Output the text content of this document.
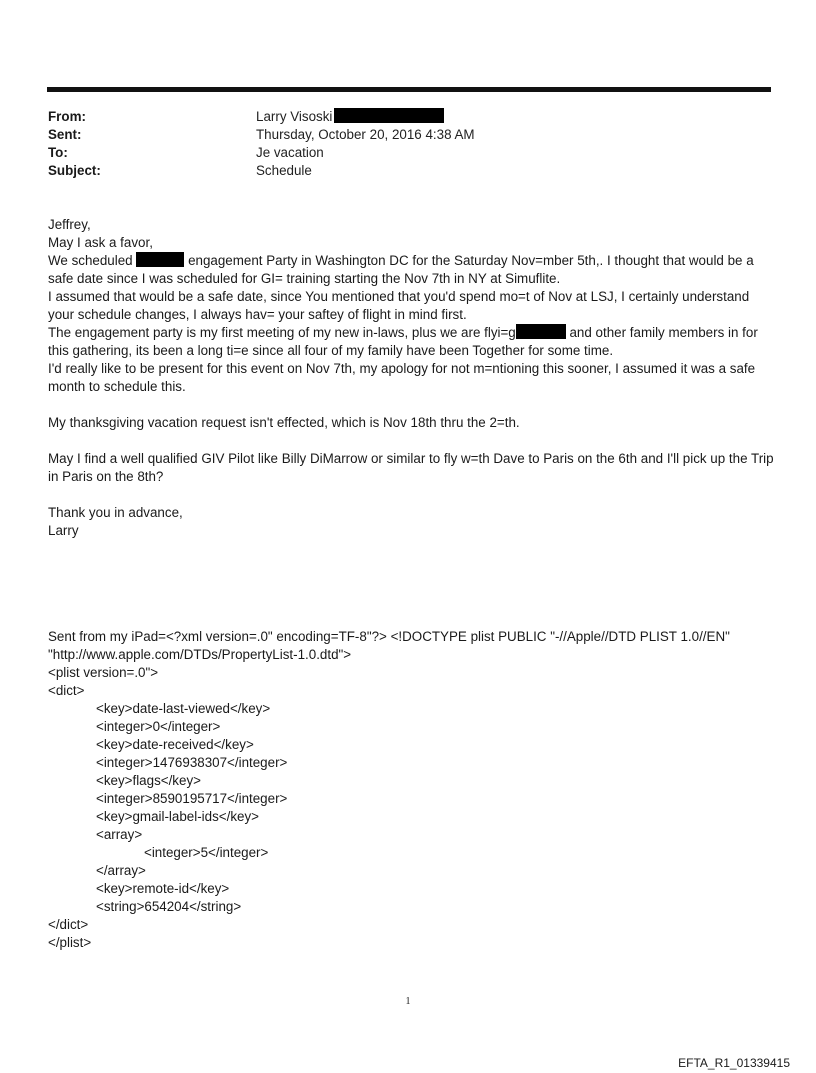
From:	Larry Visoski
Sent:	Thursday, October 20, 2016 4:38 AM
To:	Je vacation
Subject:	Schedule

Jeffrey,

May I ask a favor,

We scheduled	engagement Party in Washington DC for the Saturday Nov=mber 5th,. I thought that would be a safe date since I was scheduled for GI= training starting the Nov 7th in NY at Simuflite.

I assumed that would be a safe date, since You mentioned that you'd spend mo=t of Nov at LSJ, I certainly understand your schedule changes, I always hav= your saftey of flight in mind first.

The engagement party is my first meeting of my new in-laws, plus we are flyi=g	and other family members in for this gathering, its been a long ti=e since all four of my family have been Together for some time.

I'd really like to be present for this event on Nov 7th, my apology for not m=ntioning this sooner, I assumed it was a safe month to schedule this.

My thanksgiving vacation request isn't effected, which is Nov 18th thru the 2=th.

May I find a well qualified GIV Pilot like Billy DiMarrow or similar to fly w=th Dave to Paris on the 6th and I'll pick up the Trip in Paris on the 8th?

Thank you in advance,

Larry

Sent from my iPad=<?xml version=.0" encoding=TF-8"?> <!DOCTYPE plist PUBLIC "-//Apple//DTD PLIST 1.0//EN"
"http://www.apple.com/DTDs/PropertyList-1.0.dtd">
<plist version=.0">
<dict>
<key>date-last-viewed</key>
<integer>0</integer>
<key>date-received</key>
<integer>1476938307</integer>
<key>flags</key>
<integer>8590195717</integer>
<key>gmail-label-ids</key>
<array>
<integer>5</integer>
</array>
<key>remote-id</key>
<string>654204</string>
</dict>
</plist>
1
EFTA_R1_01339415
